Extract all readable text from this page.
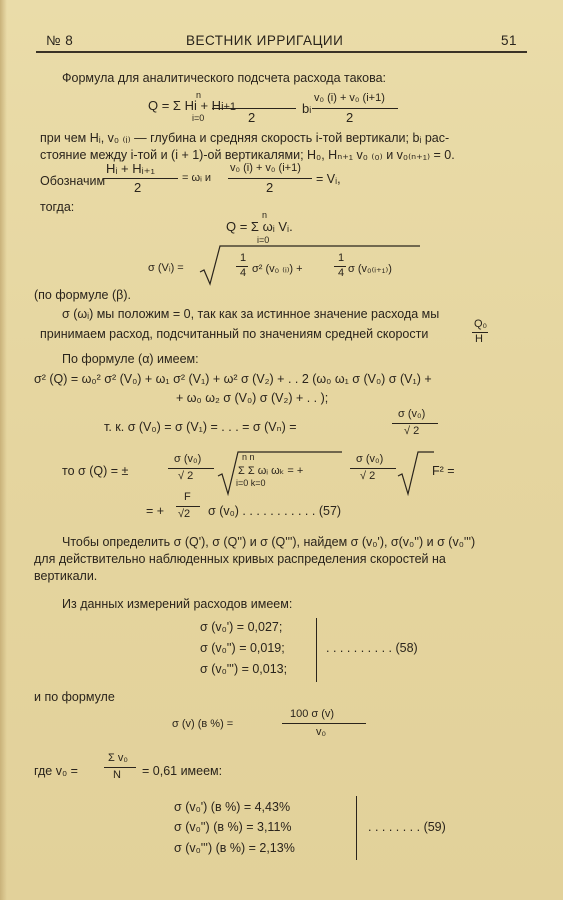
№ 8	ВЕСТНИК ИРРИГАЦИИ	51
Формула для аналитического подсчета расхода такова:
n
i=0
Q = Σ Hi + Hi+1
2
bi
v₀ (i) + v₀ (i+1)
2
при чем Hᵢ, v₀ ₍ᵢ₎ — глубина и средняя скорость i-той вертикали; bᵢ рас-
стояние между i-той и (i + 1)-ой вертикалями; H₀, Hₙ₊₁ v₀ ₍₀₎ и v₀₍ₙ₊₁₎ = 0.
Обозначим
Hᵢ + Hᵢ₊₁
2
= ωᵢ и
v₀ (i) + v₀ (i+1)
2
= Vᵢ,
тогда:
n
Q = Σ ωᵢ Vᵢ.
i=0
σ (Vᵢ) =
1
4 σ² (v₀ ₍ᵢ₎) +
1
4 σ (v₀₍ᵢ₊₁₎)
(по формуле (β).
σ (ωᵢ) мы положим = 0, так как за истинное значение расхода мы
принимаем расход, подсчитанный по значениям средней скорости
Q₀
H
По формуле (α) имеем:
σ² (Q) = ω₀² σ² (V₀) + ω₁ σ² (V₁) + ω² σ (V₂) + . . 2 (ω₀ ω₁ σ (V₀) σ (V₁) +
+ ω₀ ω₂ σ (V₀) σ (V₂) + . . );
т. к. σ (V₀) = σ (V₁) = . . . = σ (Vₙ) =
σ (v₀)
√ 2
то σ (Q) = ±
σ (v₀)
√ 2
n n
Σ Σ ωᵢ ωₖ = +
i=0 k=0
σ (v₀)
√ 2	F² =
= +
F
√2 σ (v₀) . . . . . . . . . . . (57)
Чтобы определить σ (Q'), σ (Q'') и σ (Q'''), найдем σ (v₀'), σ(v₀'') и σ (v₀''')
для действительно наблюденных кривых распределения скоростей на
вертикали.
Из данных измерений расходов имеем:
σ (v₀') = 0,027;
σ (v₀'') = 0,019;
σ (v₀''') = 0,013;
. . . . . . . . . . (58)
и по формуле
σ (v) (в %) =
100 σ (v)
v₀
где v₀ =
Σ v₀
N = 0,61 имеем:
σ (v₀') (в %) = 4,43%
σ (v₀'') (в %) = 3,11%
σ (v₀''') (в %) = 2,13%
. . . . . . . . (59)
